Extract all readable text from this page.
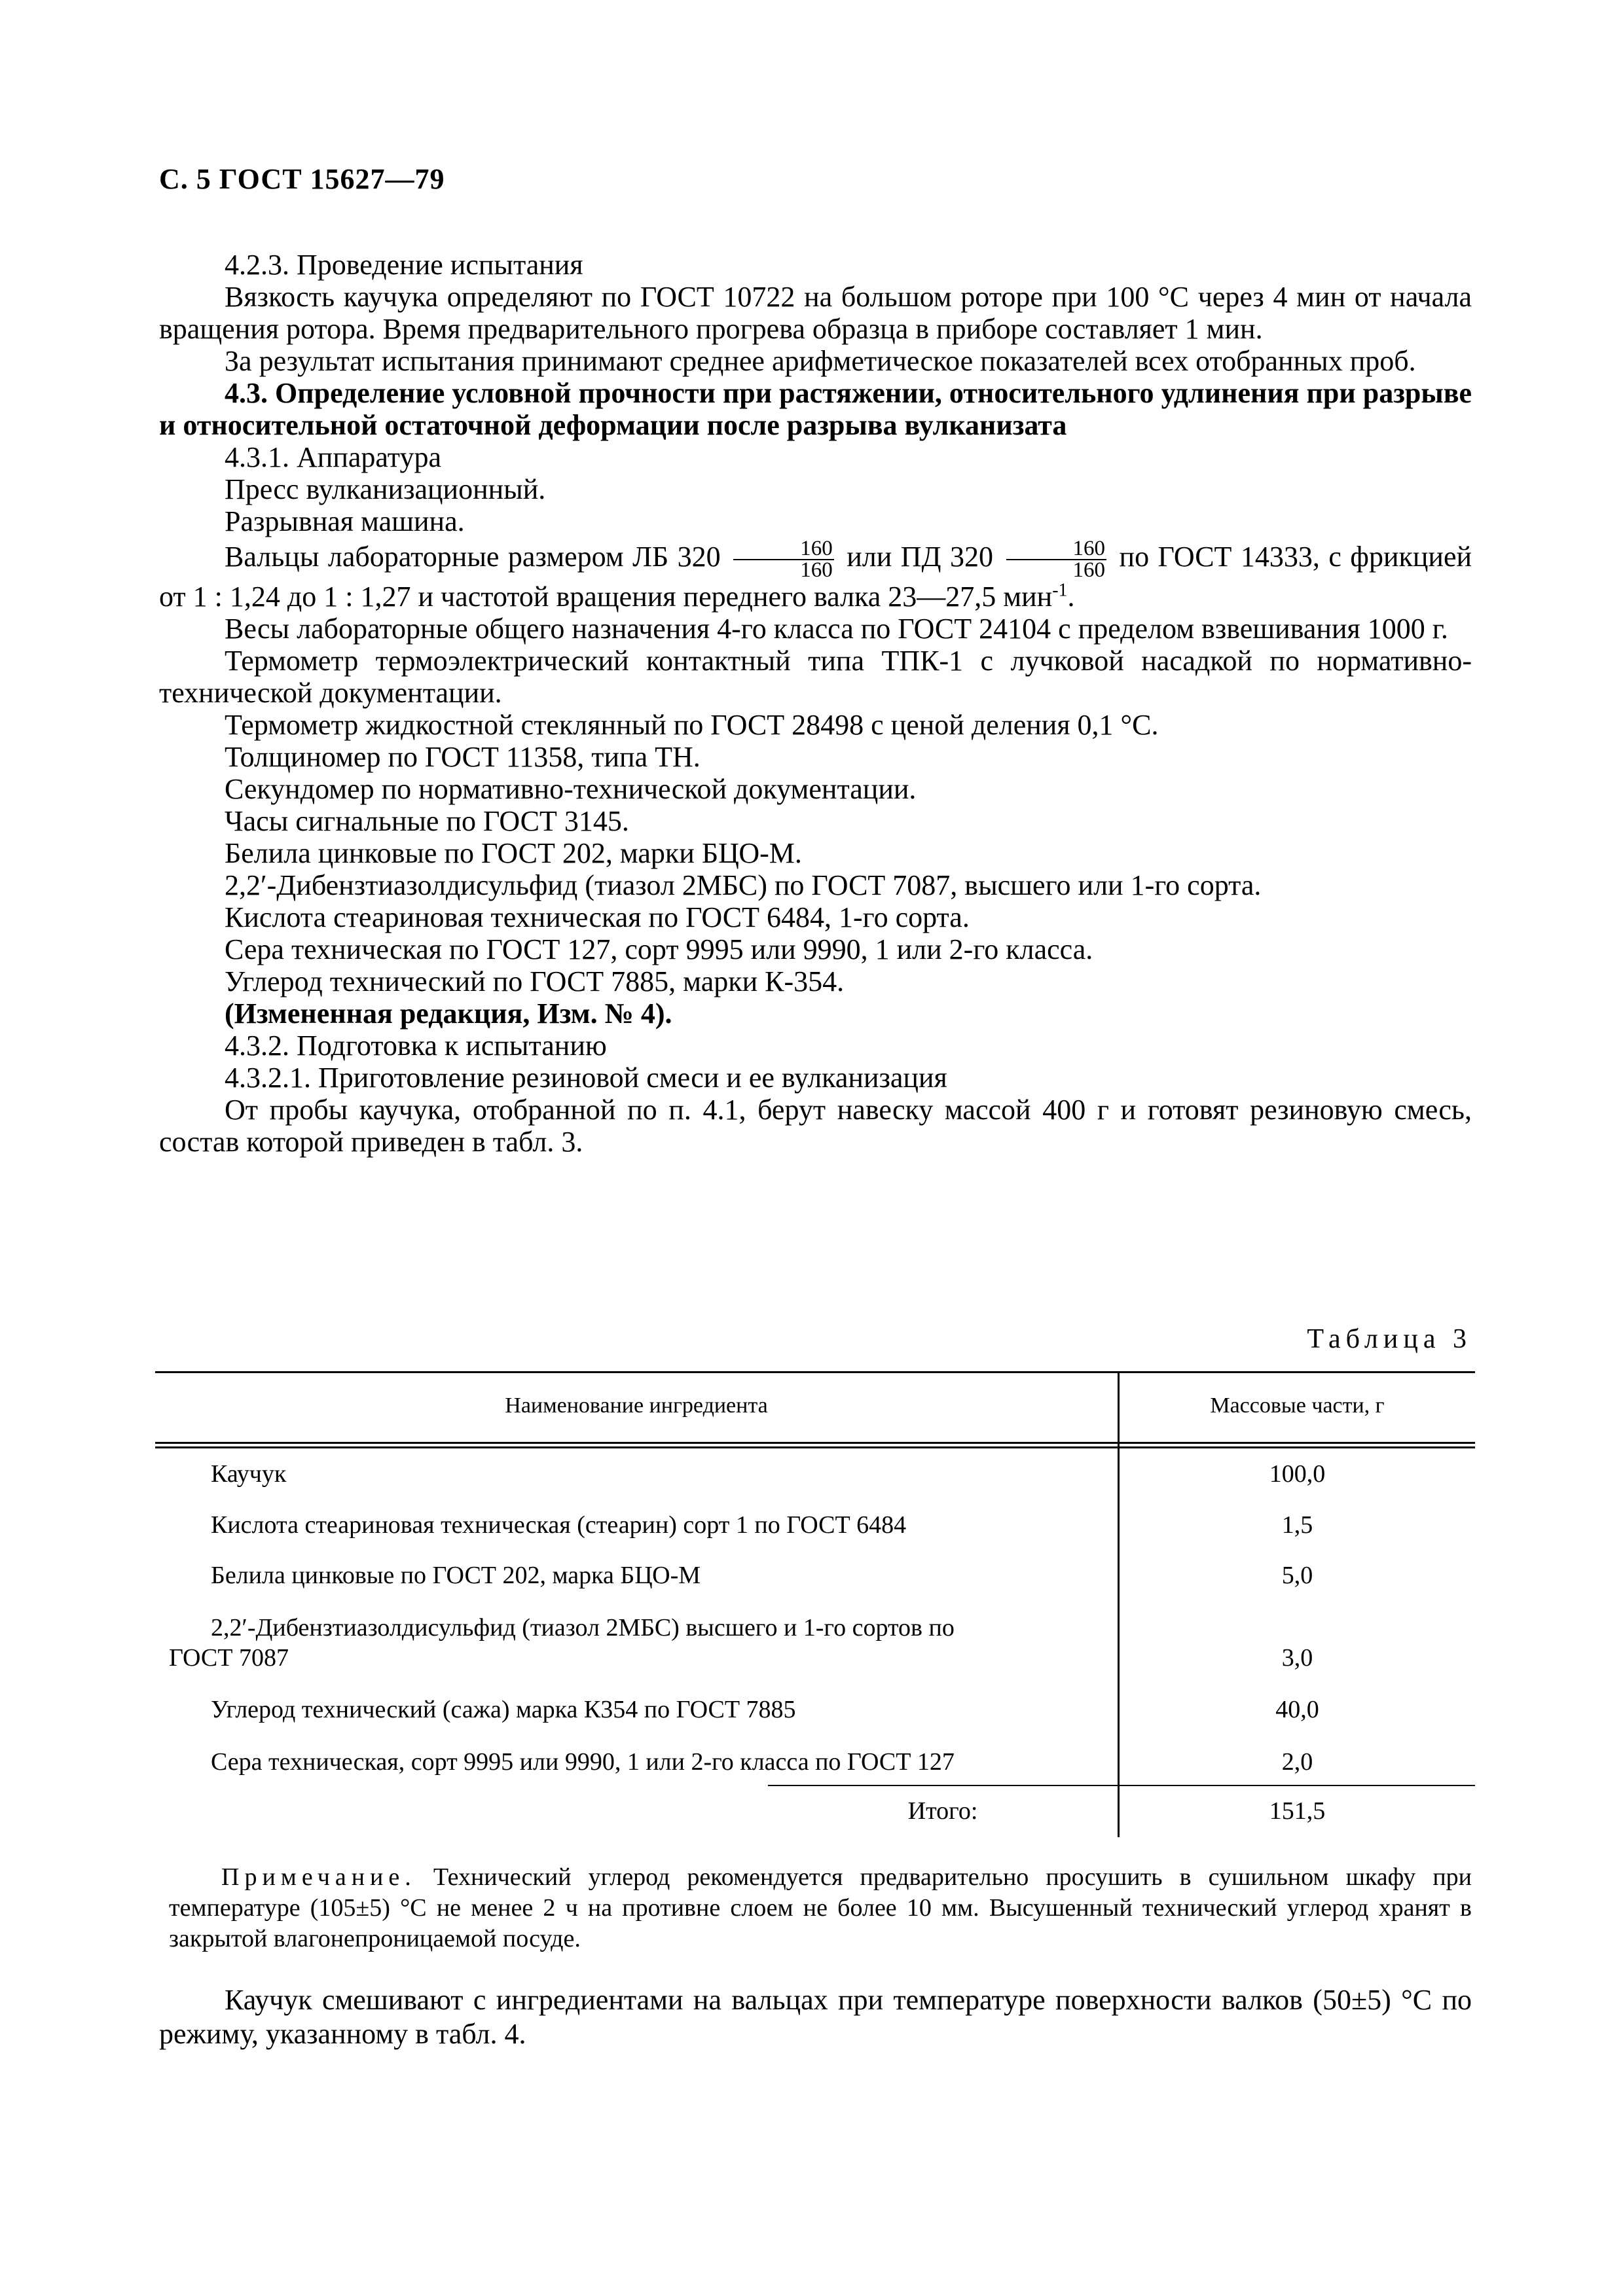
С. 5 ГОСТ 15627—79

4.2.3. Проведение испытания

Вязкость каучука определяют по ГОСТ 10722 на большом роторе при 100 °С через 4 мин от начала вращения ротора. Время предварительного прогрева образца в приборе составляет 1 мин.

За результат испытания принимают среднее арифметическое показателей всех отобранных проб.

4.3. Определение условной прочности при растяжении, относительного удлинения при разрыве и относительной остаточной деформации после разрыва вулканизата

4.3.1. Аппаратура

Пресс вулканизационный.

Разрывная машина.

Вальцы лабораторные размером ЛБ $320 \frac{160}{160}$ или ПД $320 \frac{160}{160}$ по ГОСТ 14333, с фрикцией

от 1 : 1,24 до 1 : 1,27 и частотой вращения переднего валка 23—27,5 мин$^{-1}$.

Весы лабораторные общего назначения 4-го класса по ГОСТ 24104 с пределом взвешивания 1000 г.

Термометр термоэлектрический контактный типа ТПК-1 с лучковой насадкой по нормативно-технической документации.

Термометр жидкостной стеклянный по ГОСТ 28498 с ценой деления 0,1 °С.

Толщиномер по ГОСТ 11358, типа ТН.

Секундомер по нормативно-технической документации.

Часы сигнальные по ГОСТ 3145.

Белила цинковые по ГОСТ 202, марки БЦО-М.

2,2′-Дибензтиазолдисульфид (тиазол 2МБС) по ГОСТ 7087, высшего или 1-го сорта.

Кислота стеариновая техническая по ГОСТ 6484, 1-го сорта.

Сера техническая по ГОСТ 127, сорт 9995 или 9990, 1 или 2-го класса.

Углерод технический по ГОСТ 7885, марки К-354.

(Измененная редакция, Изм. № 4).

4.3.2. Подготовка к испытанию

4.3.2.1. Приготовление резиновой смеси и ее вулканизация

От пробы каучука, отобранной по п. 4.1, берут навеску массой 400 г и готовят резиновую смесь, состав которой приведен в табл. 3.

Таблица 3
Наименование ингредиента	Массовые части, г
Каучук	100,0
Кислота стеариновая техническая (стеарин) сорт 1 по ГОСТ 6484	1,5
Белила цинковые по ГОСТ 202, марка БЦО-М	5,0
2,2′-Дибензтиазолдисульфид (тиазол 2МБС) высшего и 1-го сортов по
ГОСТ 7087	3,0
Углерод технический (сажа) марка К354 по ГОСТ 7885	40,0
Сера техническая, сорт 9995 или 9990, 1 или 2-го класса по ГОСТ 127	2,0
Итого:	151,5
Примечание. Технический углерод рекомендуется предварительно просушить в сушильном шкафу при температуре (105±5) °С не менее 2 ч на противне слоем не более 10 мм. Высушенный технический углерод хранят в закрытой влагонепроницаемой посуде.
Каучук смешивают с ингредиентами на вальцах при температуре поверхности валков (50±5) °С по режиму, указанному в табл. 4.
